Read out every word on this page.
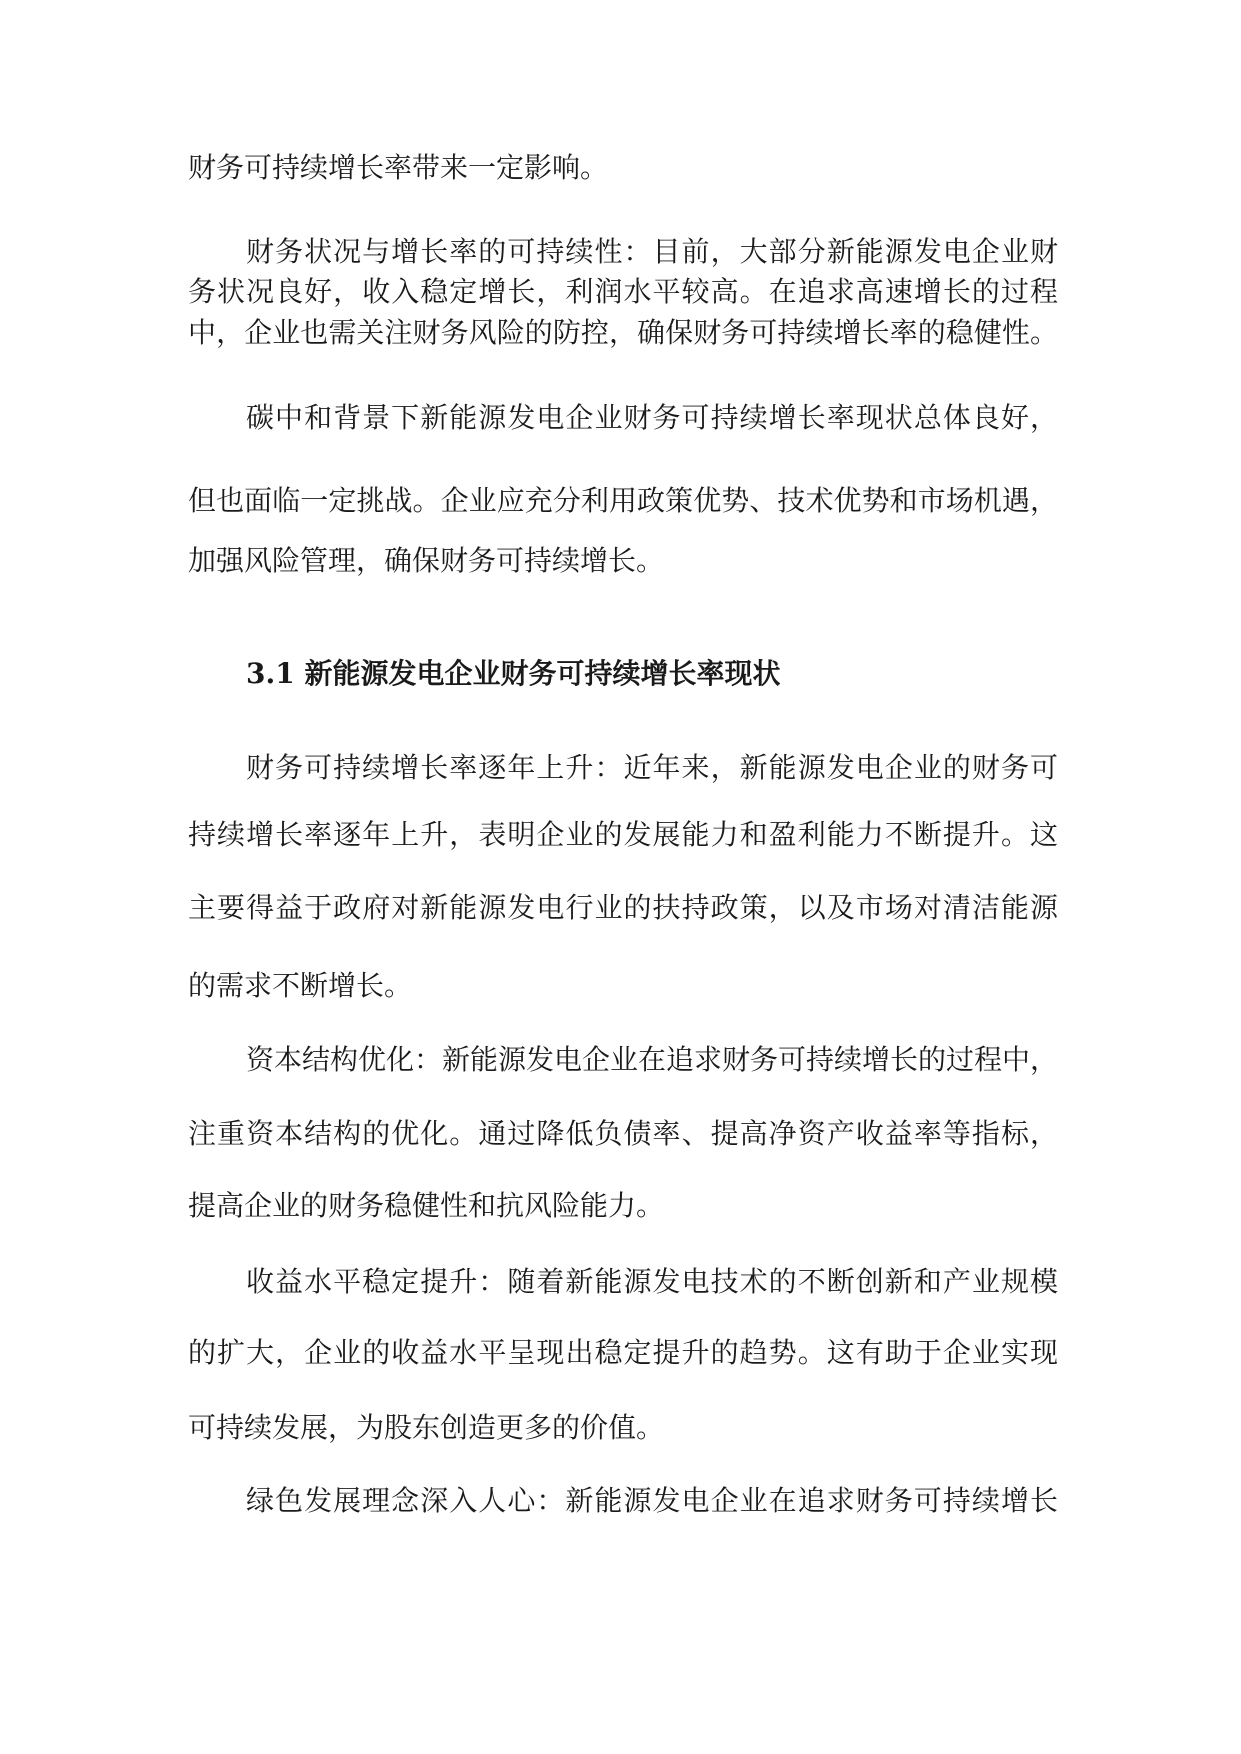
财务可持续增长率带来一定影响。
财务状况与增长率的可持续性：目前，大部分新能源发电企业财
务状况良好，收入稳定增长，利润水平较高。在追求高速增长的过程
中，企业也需关注财务风险的防控，确保财务可持续增长率的稳健性。
碳中和背景下新能源发电企业财务可持续增长率现状总体良好，
但也面临一定挑战。企业应充分利用政策优势、技术优势和市场机遇，
加强风险管理，确保财务可持续增长。
3.1 新能源发电企业财务可持续增长率现状
财务可持续增长率逐年上升：近年来，新能源发电企业的财务可
持续增长率逐年上升，表明企业的发展能力和盈利能力不断提升。这
主要得益于政府对新能源发电行业的扶持政策，以及市场对清洁能源
的需求不断增长。
资本结构优化：新能源发电企业在追求财务可持续增长的过程中，
注重资本结构的优化。通过降低负债率、提高净资产收益率等指标，
提高企业的财务稳健性和抗风险能力。
收益水平稳定提升：随着新能源发电技术的不断创新和产业规模
的扩大，企业的收益水平呈现出稳定提升的趋势。这有助于企业实现
可持续发展，为股东创造更多的价值。
绿色发展理念深入人心：新能源发电企业在追求财务可持续增长
